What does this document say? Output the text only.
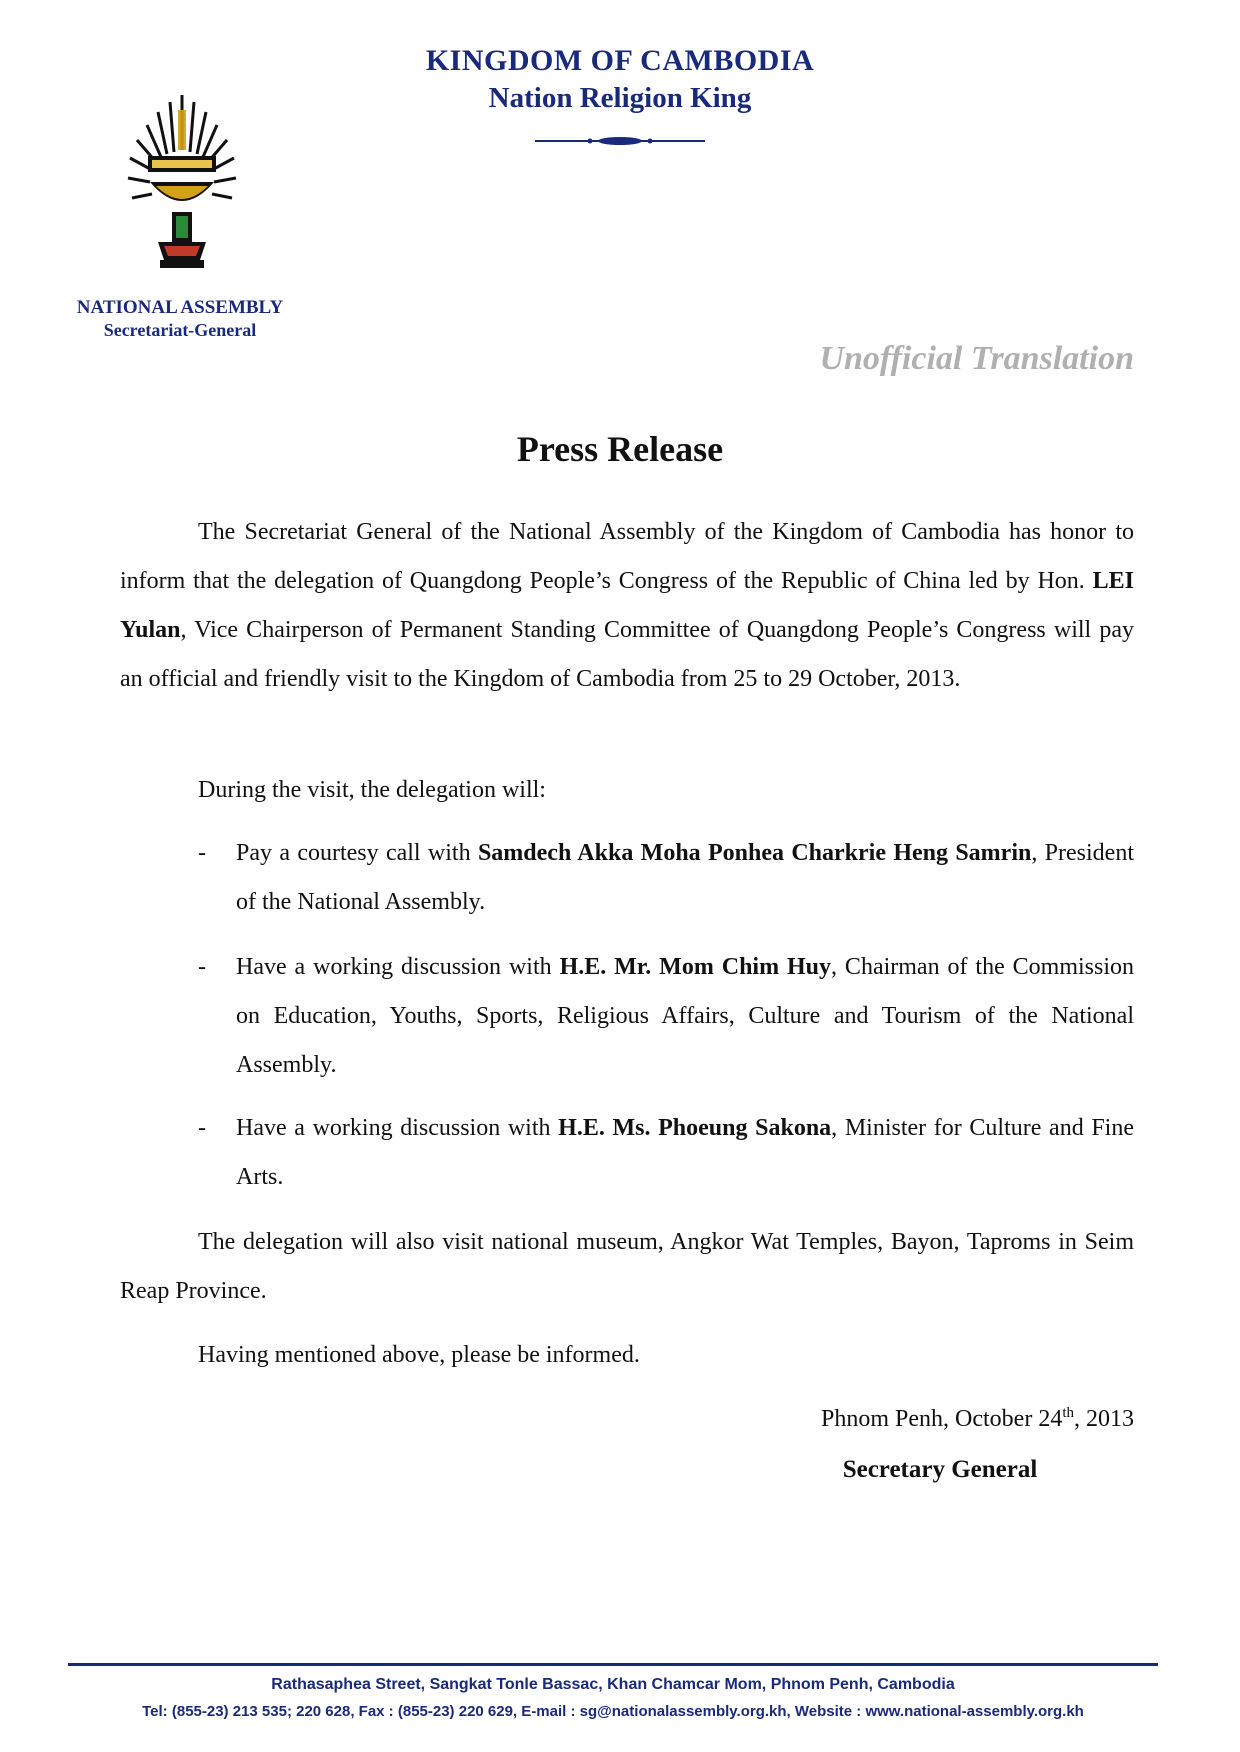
KINGDOM OF CAMBODIA
Nation Religion King
NATIONAL ASSEMBLY
Secretariat-General
Unofficial Translation
Press Release
The Secretariat General of the National Assembly of the Kingdom of Cambodia has honor to inform that the delegation of Quangdong People’s Congress of the Republic of China led by Hon. LEI Yulan, Vice Chairperson of Permanent Standing Committee of Quangdong People’s Congress will pay an official and friendly visit to the Kingdom of Cambodia from 25 to 29 October, 2013.
During the visit, the delegation will:
- Pay a courtesy call with Samdech Akka Moha Ponhea Charkrie Heng Samrin, President of the National Assembly.
- Have a working discussion with H.E. Mr. Mom Chim Huy, Chairman of the Commission on Education, Youths, Sports, Religious Affairs, Culture and Tourism of the National Assembly.
- Have a working discussion with H.E. Ms. Phoeung Sakona, Minister for Culture and Fine Arts.
The delegation will also visit national museum, Angkor Wat Temples, Bayon, Taproms in Seim Reap Province.
Having mentioned above, please be informed.
Phnom Penh, October 24th, 2013
Secretary General
Rathasaphea Street, Sangkat Tonle Bassac, Khan Chamcar Mom, Phnom Penh, Cambodia
Tel: (855-23) 213 535; 220 628, Fax : (855-23) 220 629, E-mail : sg@nationalassembly.org.kh, Website : www.national-assembly.org.kh
